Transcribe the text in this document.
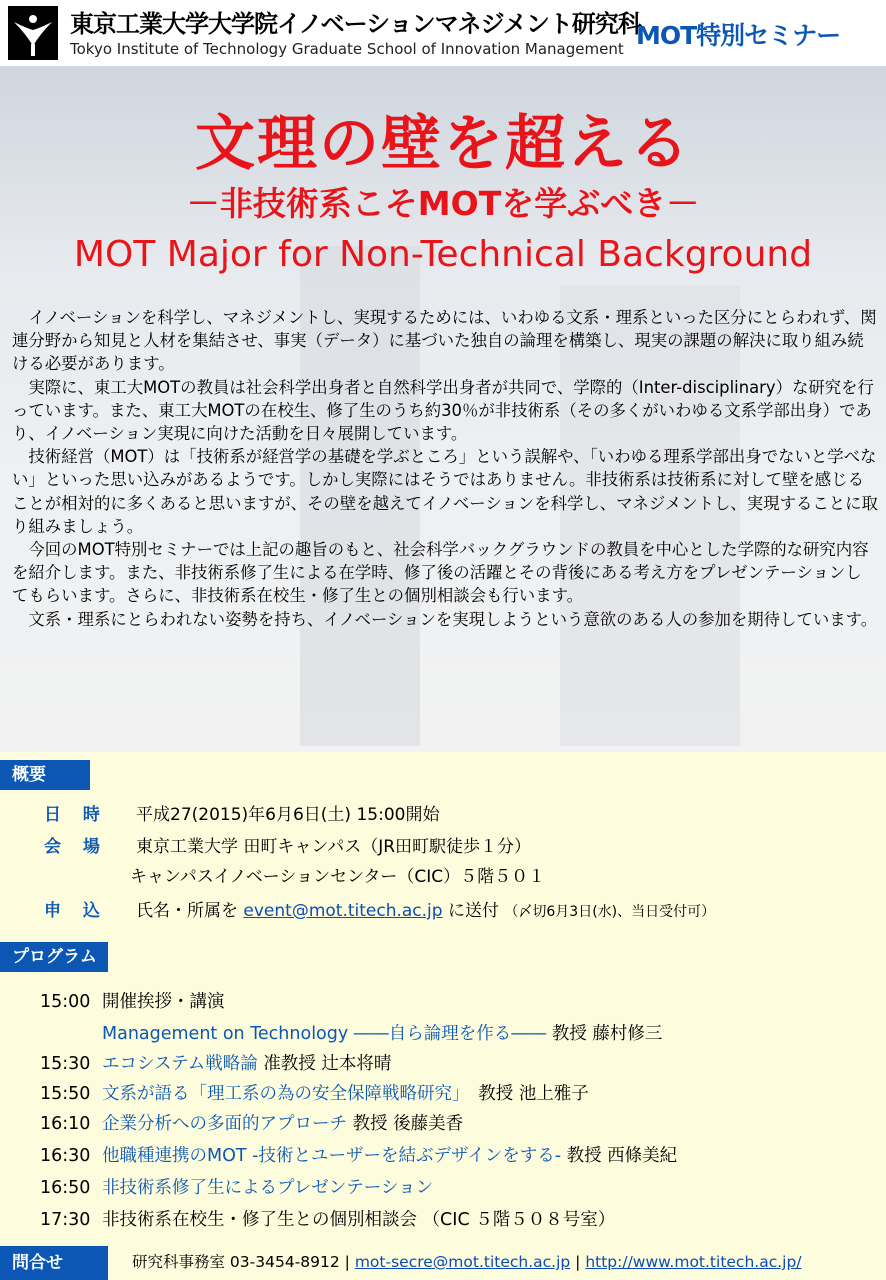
東京工業大学大学院イノベーションマネジメント研究科
Tokyo Institute of Technology Graduate School of Innovation Management MOT特別セミナー
文理の壁を超える
－非技術系こそMOTを学ぶべき－
MOT Major for Non-Technical Background

イノベーションを科学し、マネジメントし、実現するためには、いわゆる文系・理系といった区分にとらわれず、関連分野から知見と人材を集結させ、事実（データ）に基づいた独自の論理を構築し、現実の課題の解決に取り組み続ける必要があります。

実際に、東工大MOTの教員は社会科学出身者と自然科学出身者が共同で、学際的（Inter-disciplinary）な研究を行っています。また、東工大MOTの在校生、修了生のうち約30％が非技術系（その多くがいわゆる文系学部出身）であり、イノベーション実現に向けた活動を日々展開しています。

技術経営（MOT）は「技術系が経営学の基礎を学ぶところ」という誤解や、「いわゆる理系学部出身でないと学べない」といった思い込みがあるようです。しかし実際にはそうではありません。非技術系は技術系に対して壁を感じることが相対的に多くあると思いますが、その壁を越えてイノベーションを科学し、マネジメントし、実現することに取り組みましょう。

今回のMOT特別セミナーでは上記の趣旨のもと、社会科学バックグラウンドの教員を中心とした学際的な研究内容を紹介します。また、非技術系修了生による在学時、修了後の活躍とその背後にある考え方をプレゼンテーションしてもらいます。さらに、非技術系在校生・修了生との個別相談会も行います。

文系・理系にとらわれない姿勢を持ち、イノベーションを実現しようという意欲のある人の参加を期待しています。

概要
日 時 平成27(2015)年6月6日(土) 15:00開始
会 場 東京工業大学 田町キャンパス（JR田町駅徒歩１分）
キャンパスイノベーションセンター（CIC）５階５０１
申 込 氏名・所属を event@mot.titech.ac.jp に送付 （〆切6月3日(水)、当日受付可）
プログラム
15:00 開催挨拶・講演
Management on Technology ――自ら論理を作る―― 教授 藤村修三
15:30 エコシステム戦略論 准教授 辻本将晴
15:50 文系が語る「理工系の為の安全保障戦略研究」　教授 池上雅子
16:10 企業分析への多面的アプローチ 教授 後藤美香
16:30 他職種連携のMOT -技術とユーザーを結ぶデザインをする- 教授 西條美紀
16:50 非技術系修了生によるプレゼンテーション
17:30 非技術系在校生・修了生との個別相談会 （CIC ５階５０８号室）
問合せ	研究科事務室 03-3454-8912 | mot-secre@mot.titech.ac.jp | http://www.mot.titech.ac.jp/
